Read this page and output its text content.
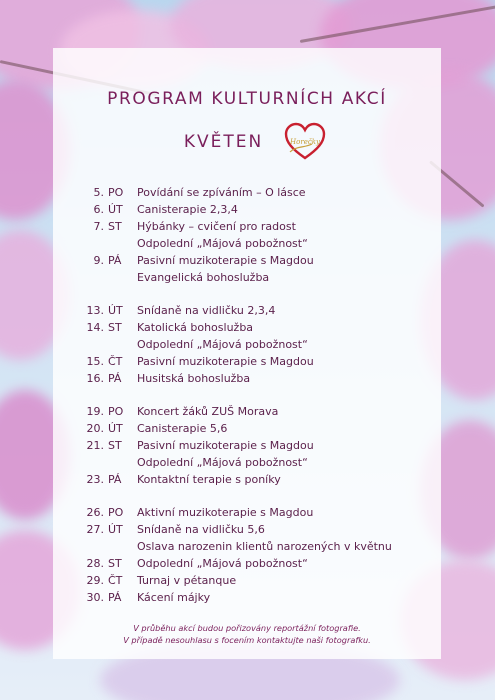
PROGRAM KULTURNÍCH AKCÍ
KVĚTEN	Horečky
5. PO	Povídání se zpíváním – O lásce
6. ÚT	Canisterapie 2,3,4
7. ST	Hýbánky – cvičení pro radost
Odpolední „Májová pobožnost“
9. PÁ	Pasivní muzikoterapie s Magdou
Evangelická bohoslužba
13. ÚT	Snídaně na vidličku 2,3,4
14. ST	Katolická bohoslužba
Odpolední „Májová pobožnost“
15. ČT	Pasivní muzikoterapie s Magdou
16. PÁ	Husitská bohoslužba
19. PO	Koncert žáků ZUŠ Morava
20. ÚT	Canisterapie 5,6
21. ST	Pasivní muzikoterapie s Magdou
Odpolední „Májová pobožnost“
23. PÁ	Kontaktní terapie s poníky
26. PO	Aktivní muzikoterapie s Magdou
27. ÚT	Snídaně na vidličku 5,6
Oslava narozenin klientů narozených v květnu
28. ST	Odpolední „Májová pobožnost“
29. ČT	Turnaj v pétanque
30. PÁ	Kácení májky
V průběhu akcí budou pořizovány reportážní fotografie.
V případě nesouhlasu s focením kontaktujte naši fotografku.
